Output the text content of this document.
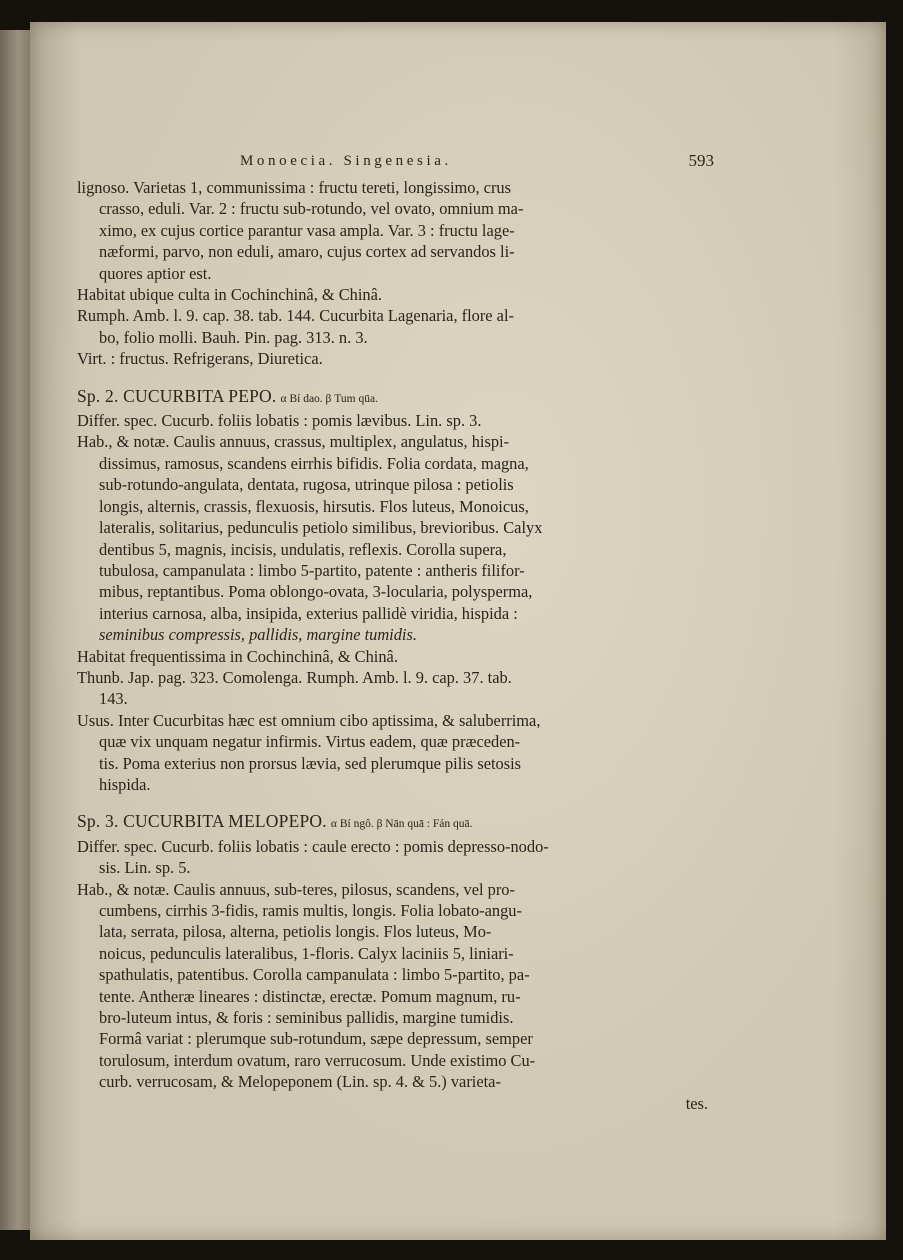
Monoecia. Singenesia.	593
lignoso. Varietas 1, communissima : fructu tereti, longissimo, crus
crasso, eduli. Var. 2 : fructu sub-rotundo, vel ovato, omnium ma-
ximo, ex cujus cortice parantur vasa ampla. Var. 3 : fructu lage-
næformi, parvo, non eduli, amaro, cujus cortex ad servandos li-
quores aptior est.
Habitat ubique culta in Cochinchinâ, & Chinâ.
Rumph. Amb. l. 9. cap. 38. tab. 144. Cucurbita Lagenaria, flore al-
bo, folio molli. Bauh. Pin. pag. 313. n. 3.
Virt. : fructus. Refrigerans, Diuretica.
Sp. 2. CUCURBITA PEPO. α Bí dao. β Tum qūa.
Differ. spec. Cucurb. foliis lobatis : pomis lævibus. Lin. sp. 3.
Hab., & notæ. Caulis annuus, crassus, multiplex, angulatus, hispi-
dissimus, ramosus, scandens eirrhis bifidis. Folia cordata, magna,
sub-rotundo-angulata, dentata, rugosa, utrinque pilosa : petiolis
longis, alternis, crassis, flexuosis, hirsutis. Flos luteus, Monoicus,
lateralis, solitarius, pedunculis petiolo similibus, brevioribus. Calyx
dentibus 5, magnis, incisis, undulatis, reflexis. Corolla supera,
tubulosa, campanulata : limbo 5-partito, patente : antheris filifor-
mibus, reptantibus. Poma oblongo-ovata, 3-locularia, polysperma,
interius carnosa, alba, insipida, exterius pallidè viridia, hispida :
seminibus compressis, pallidis, margine tumidis.
Habitat frequentissima in Cochinchinâ, & Chinâ.
Thunb. Jap. pag. 323. Comolenga. Rumph. Amb. l. 9. cap. 37. tab.
143.
Usus. Inter Cucurbitas hæc est omnium cibo aptissima, & saluberrima,
quæ vix unquam negatur infirmis. Virtus eadem, quæ præceden-
tis. Poma exterius non prorsus lævia, sed plerumque pilis setosis
hispida.
Sp. 3. CUCURBITA MELOPEPO. α Bí ngô. β Nān quā : Fán quā.
Differ. spec. Cucurb. foliis lobatis : caule erecto : pomis depresso-nodo-
sis. Lin. sp. 5.
Hab., & notæ. Caulis annuus, sub-teres, pilosus, scandens, vel pro-
cumbens, cirrhis 3-fidis, ramis multis, longis. Folia lobato-angu-
lata, serrata, pilosa, alterna, petiolis longis. Flos luteus, Mo-
noicus, pedunculis lateralibus, 1-floris. Calyx laciniis 5, liniari-
spathulatis, patentibus. Corolla campanulata : limbo 5-partito, pa-
tente. Antheræ lineares : distinctæ, erectæ. Pomum magnum, ru-
bro-luteum intus, & foris : seminibus pallidis, margine tumidis.
Formâ variat : plerumque sub-rotundum, sæpe depressum, semper
torulosum, interdum ovatum, raro verrucosum. Unde existimo Cu-
curb. verrucosam, & Melopeponem (Lin. sp. 4. & 5.) varieta-
tes.
